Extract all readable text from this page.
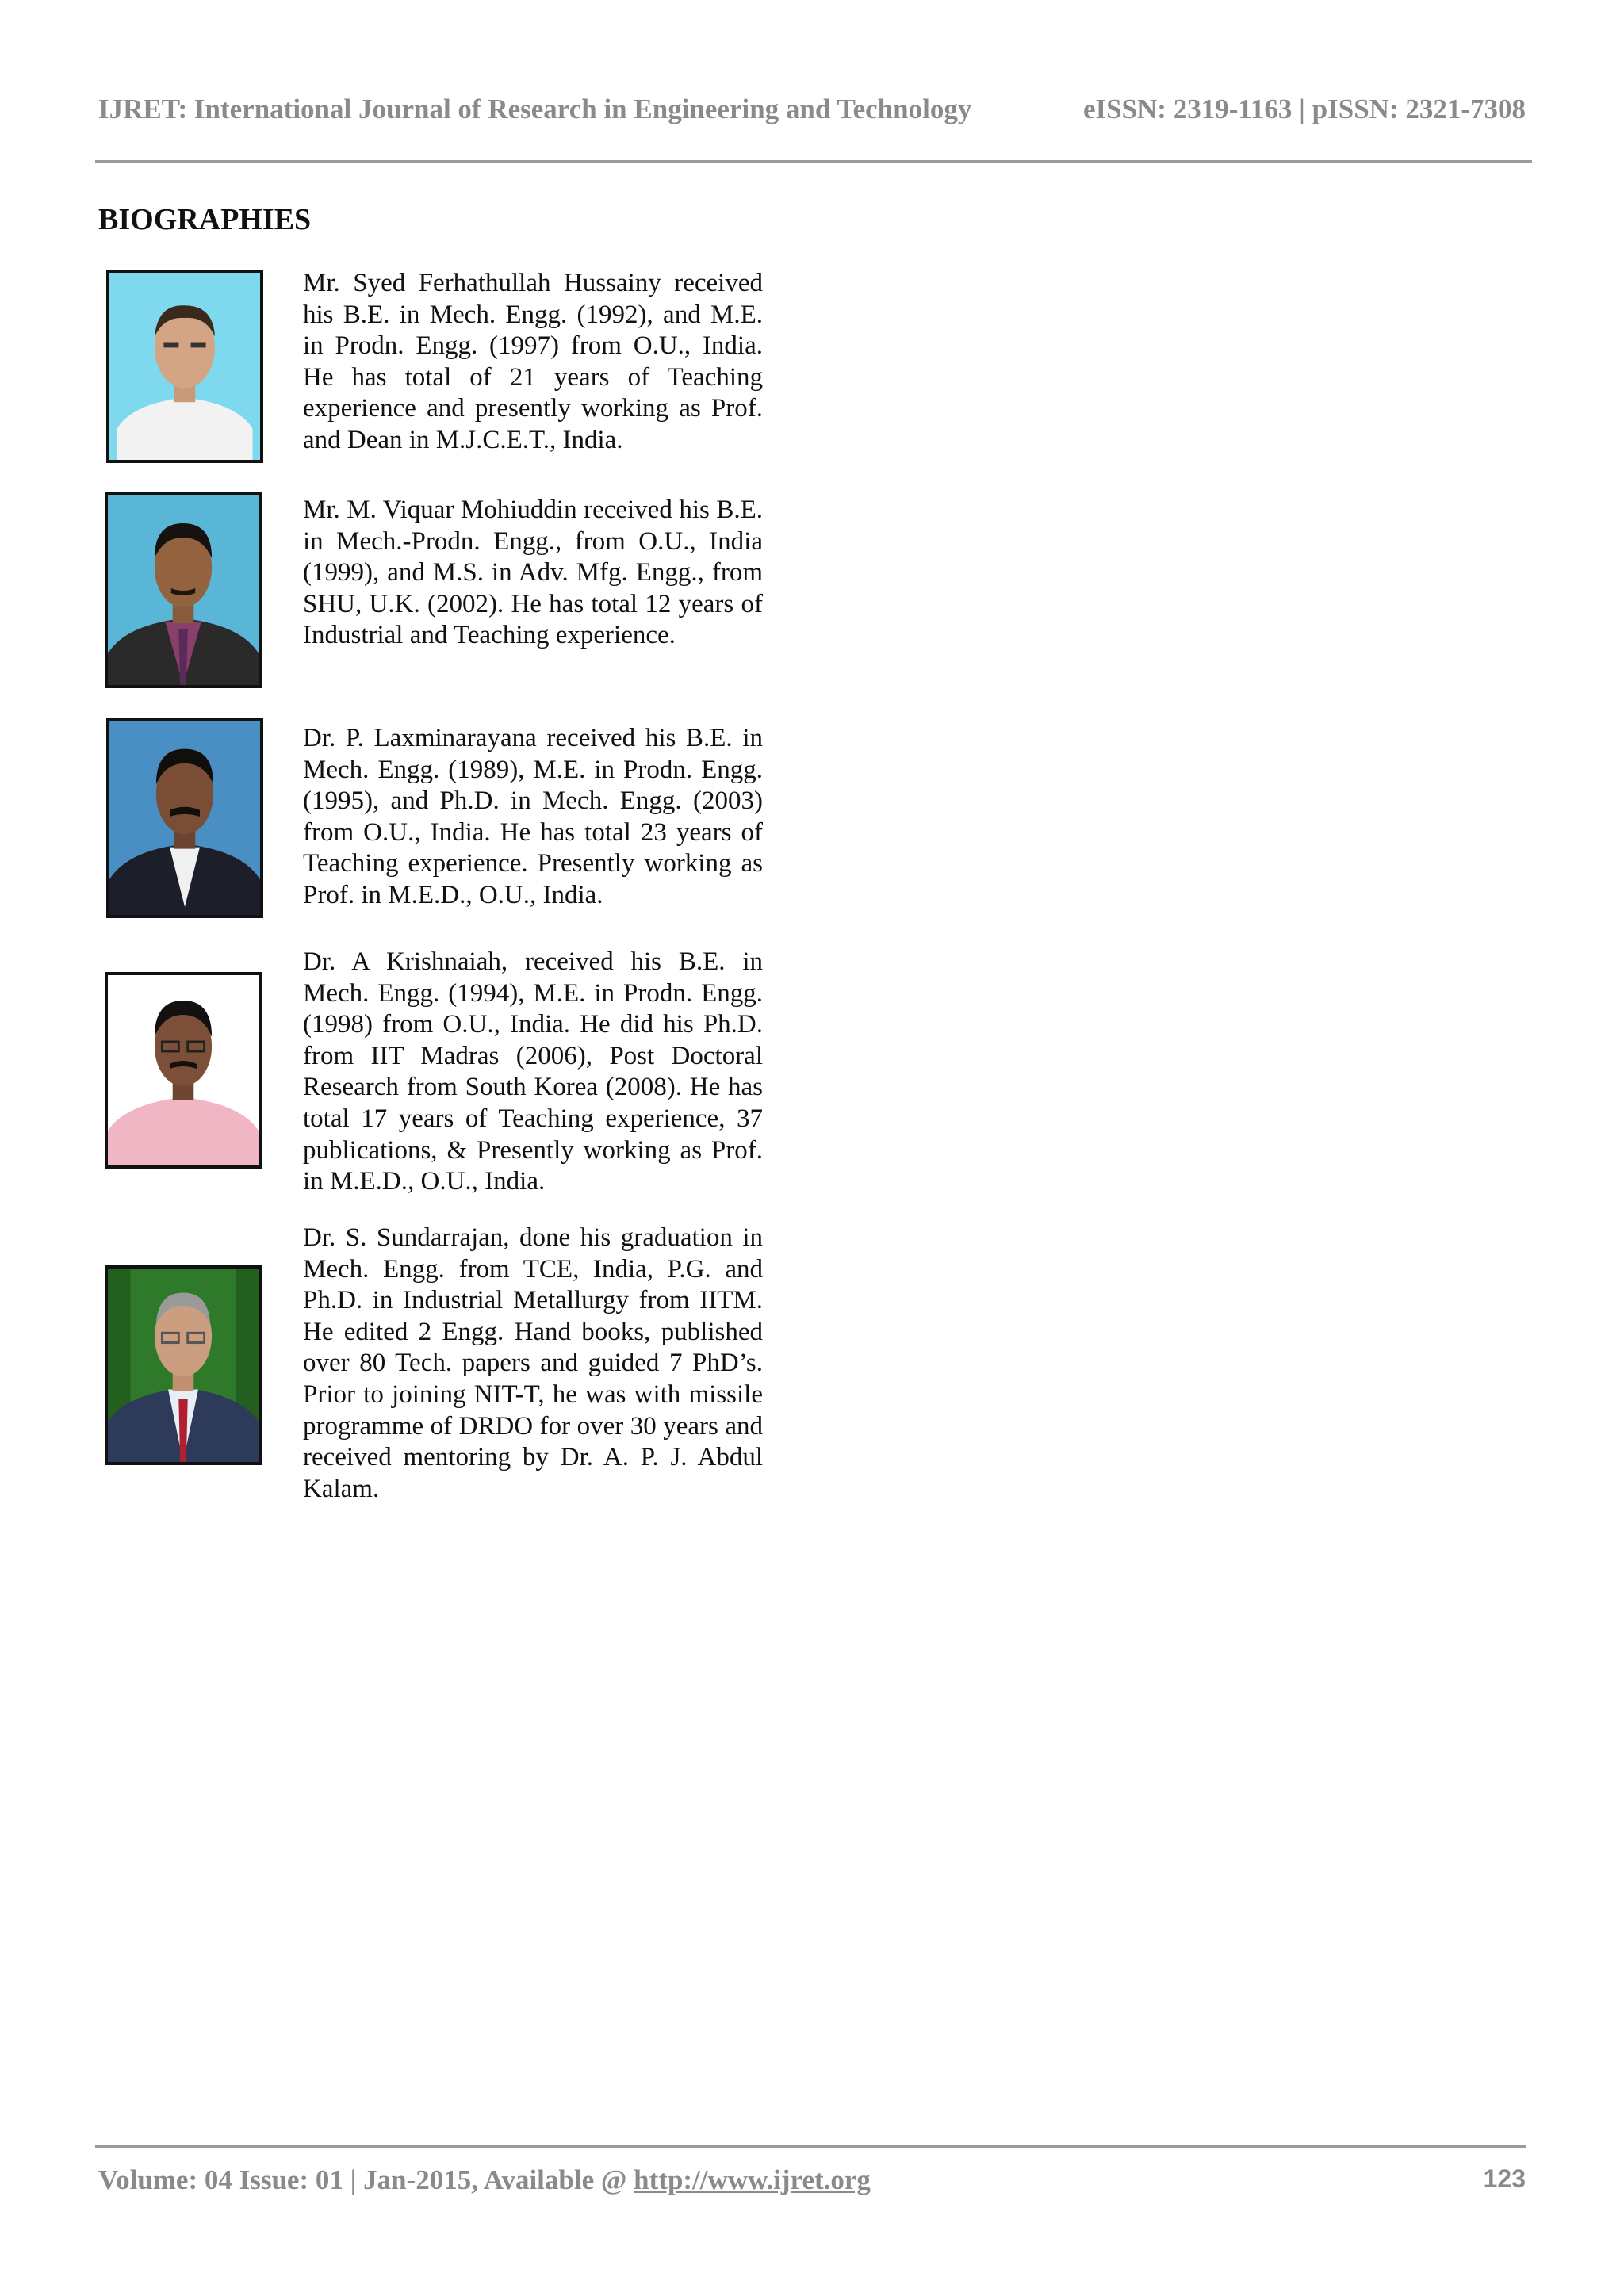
IJRET: International Journal of Research in Engineering and Technology	eISSN: 2319-1163 | pISSN: 2321-7308
BIOGRAPHIES
Mr. Syed Ferhathullah Hussainy received his B.E. in Mech. Engg. (1992), and M.E. in Prodn. Engg. (1997) from O.U., India. He has total of 21 years of Teaching experience and presently working as Prof. and Dean in M.J.C.E.T., India.
Mr. M. Viquar Mohiuddin received his B.E. in Mech.-Prodn. Engg., from O.U., India (1999), and M.S. in Adv. Mfg. Engg., from SHU, U.K. (2002). He has total 12 years of Industrial and Teaching experience.
Dr. P. Laxminarayana received his B.E. in Mech. Engg. (1989), M.E. in Prodn. Engg. (1995), and Ph.D. in Mech. Engg. (2003) from O.U., India. He has total 23 years of Teaching experience. Presently working as Prof. in M.E.D., O.U., India.
Dr. A Krishnaiah, received his B.E. in Mech. Engg. (1994), M.E. in Prodn. Engg. (1998) from O.U., India. He did his Ph.D. from IIT Madras (2006), Post Doctoral Research from South Korea (2008). He has total 17 years of Teaching experience, 37 publications, & Presently working as Prof. in M.E.D., O.U., India.
Dr. S. Sundarrajan, done his graduation in Mech. Engg. from TCE, India, P.G. and Ph.D. in Industrial Metallurgy from IITM. He edited 2 Engg. Hand books, published over 80 Tech. papers and guided 7 PhD’s. Prior to joining NIT-T, he was with missile programme of DRDO for over 30 years and received mentoring by Dr. A. P. J. Abdul Kalam.
Volume: 04 Issue: 01 | Jan-2015, Available @ http://www.ijret.org	123
